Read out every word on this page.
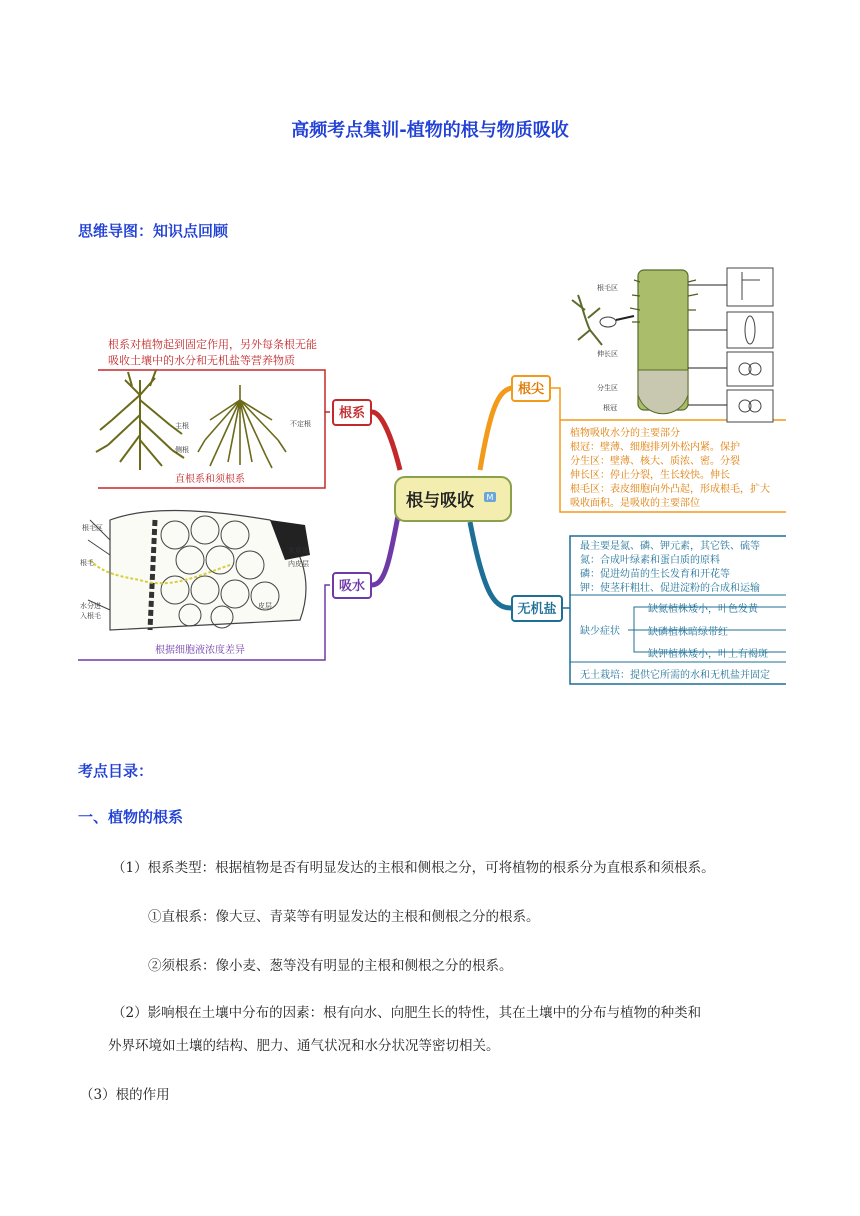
高频考点集训-植物的根与物质吸收
思维导图：知识点回顾
根与吸收 M
根系
吸水
根尖
无机盐
根系对植物起到固定作用，另外每条根无能
吸收土壤中的水分和无机盐等营养物质
主根
侧根
不定根
直根系和须根系
根毛区
根毛
水分进
入根毛
木质部
内皮层
皮层
根据细胞液浓度差异
根毛区
伸长区
分生区
根冠
植物吸收水分的主要部分
根冠：壁薄、细胞排列外松内紧。保护
分生区：壁薄、核大、质浓、密。分裂
伸长区：停止分裂，生长较快。伸长
根毛区：表皮细胞向外凸起，形成根毛，扩大
吸收面积。是吸收的主要部位
最主要是氮、磷、钾元素，其它铁、硫等
氮：合成叶绿素和蛋白质的原料
磷：促进幼苗的生长发育和开花等
钾：使茎秆粗壮、促进淀粉的合成和运输
缺少症状
缺氮植株矮小，叶色发黄
缺磷植株暗绿带红
缺钾植株矮小，叶上有褐斑
无土栽培：提供它所需的水和无机盐并固定
考点目录：
一、植物的根系
（1）根系类型：根据植物是否有明显发达的主根和侧根之分，可将植物的根系分为直根系和须根系。
①直根系：像大豆、青菜等有明显发达的主根和侧根之分的根系。
②须根系：像小麦、葱等没有明显的主根和侧根之分的根系。
（2）影响根在土壤中分布的因素：根有向水、向肥生长的特性，其在土壤中的分布与植物的种类和
外界环境如土壤的结构、肥力、通气状况和水分状况等密切相关。
（3）根的作用
